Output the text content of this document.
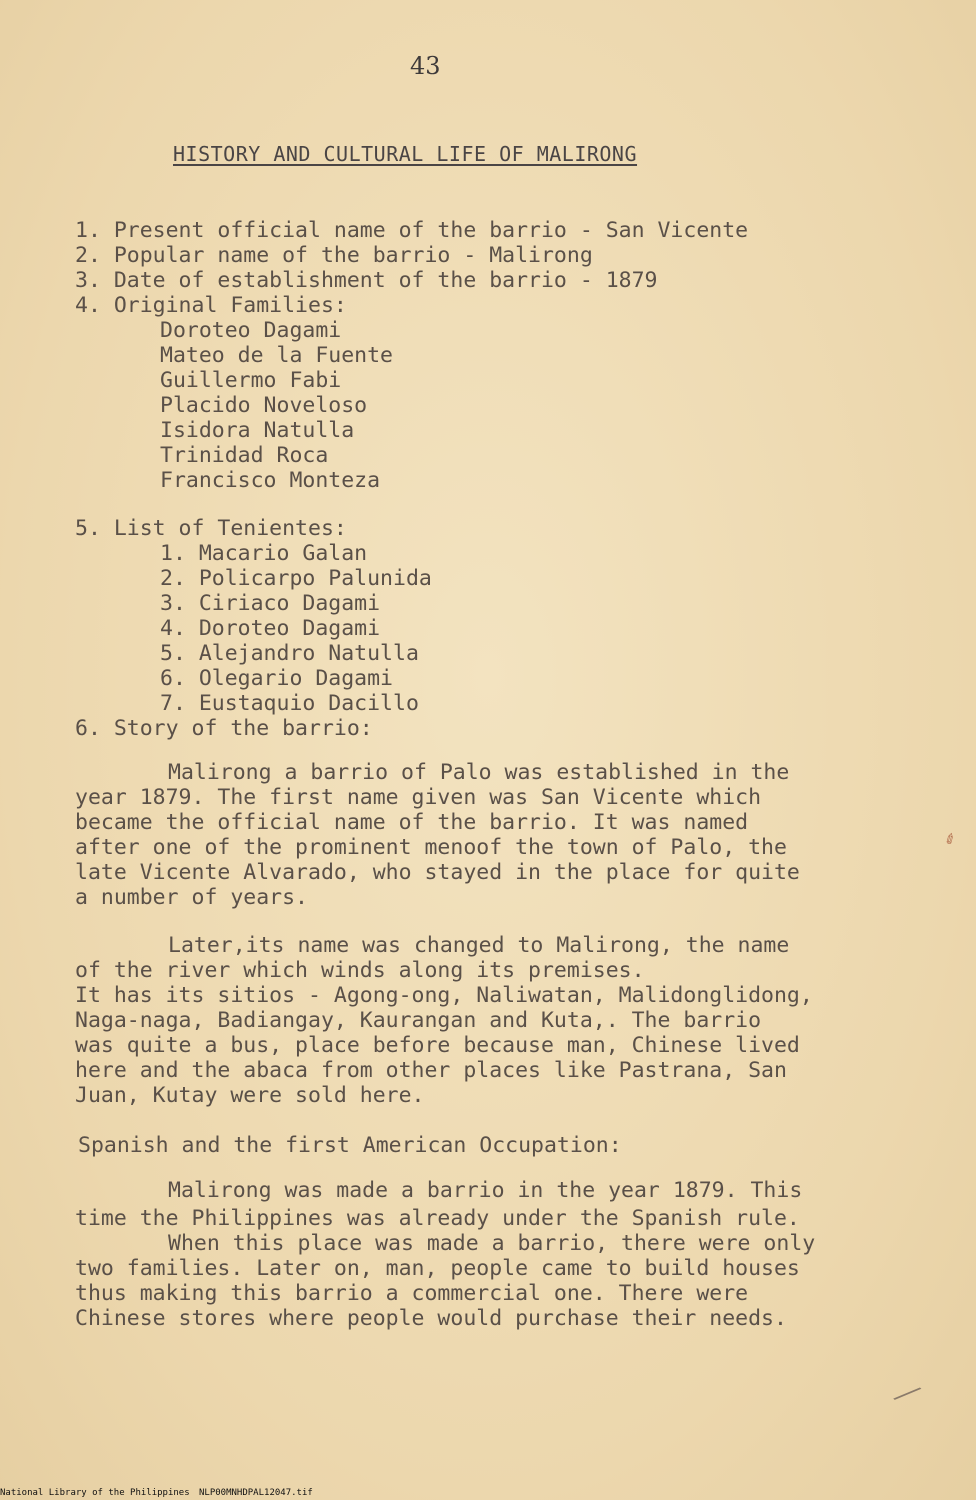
43
HISTORY AND CULTURAL LIFE OF MALIRONG
1. Present official name of the barrio - San Vicente
2. Popular name of the barrio - Malirong
3. Date of establishment of the barrio - 1879
4. Original Families:
Doroteo Dagami
Mateo de la Fuente
Guillermo Fabi
Placido Noveloso
Isidora Natulla
Trinidad Roca
Francisco Monteza
5. List of Tenientes:
1. Macario Galan
2. Policarpo Palunida
3. Ciriaco Dagami
4. Doroteo Dagami
5. Alejandro Natulla
6. Olegario Dagami
7. Eustaquio Dacillo
6. Story of the barrio:
Malirong a barrio of Palo was established in the
year 1879. The first name given was San Vicente which
became the official name of the barrio. It was named
after one of the prominent menoof the town of Palo, the
late Vicente Alvarado, who stayed in the place for quite
a number of years.
Later,its name was changed to Malirong, the name
of the river which winds along its premises.
It has its sitios - Agong-ong, Naliwatan, Malidonglidong,
Naga-naga, Badiangay, Kaurangan and Kuta,. The barrio
was quite a bus, place before because man, Chinese lived
here and the abaca from other places like Pastrana, San
Juan, Kutay were sold here.
Spanish and the first American Occupation:
Malirong was made a barrio in the year 1879. This
time the Philippines was already under the Spanish rule.
When this place was made a barrio, there were only
two families. Later on, man, people came to build houses
thus making this barrio a commercial one. There were
Chinese stores where people would purchase their needs.
✐
╱
National Library of the Philippines NLP00MNHDPAL12047.tif
